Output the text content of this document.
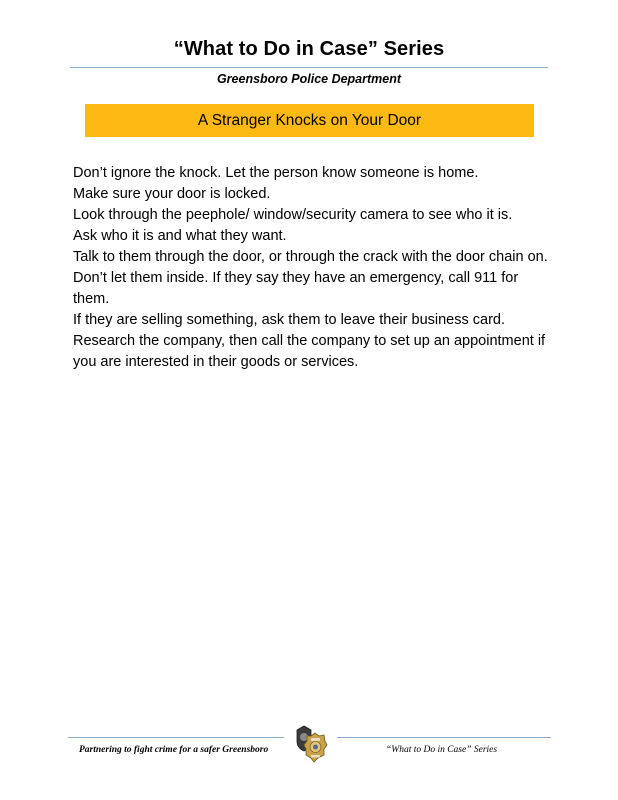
“What to Do in Case” Series
Greensboro Police Department
A Stranger Knocks on Your Door

Don’t ignore the knock. Let the person know someone is home.

Make sure your door is locked.

Look through the peephole/ window/security camera to see who it is.

Ask who it is and what they want.

Talk to them through the door, or through the crack with the door chain on.

Don’t let them inside. If they say they have an emergency, call 911 for them.

If they are selling something, ask them to leave their business card. Research the company, then call the company to set up an appointment if you are interested in their goods or services.

Partnering to fight crime for a safer Greensboro	“What to Do in Case” Series
